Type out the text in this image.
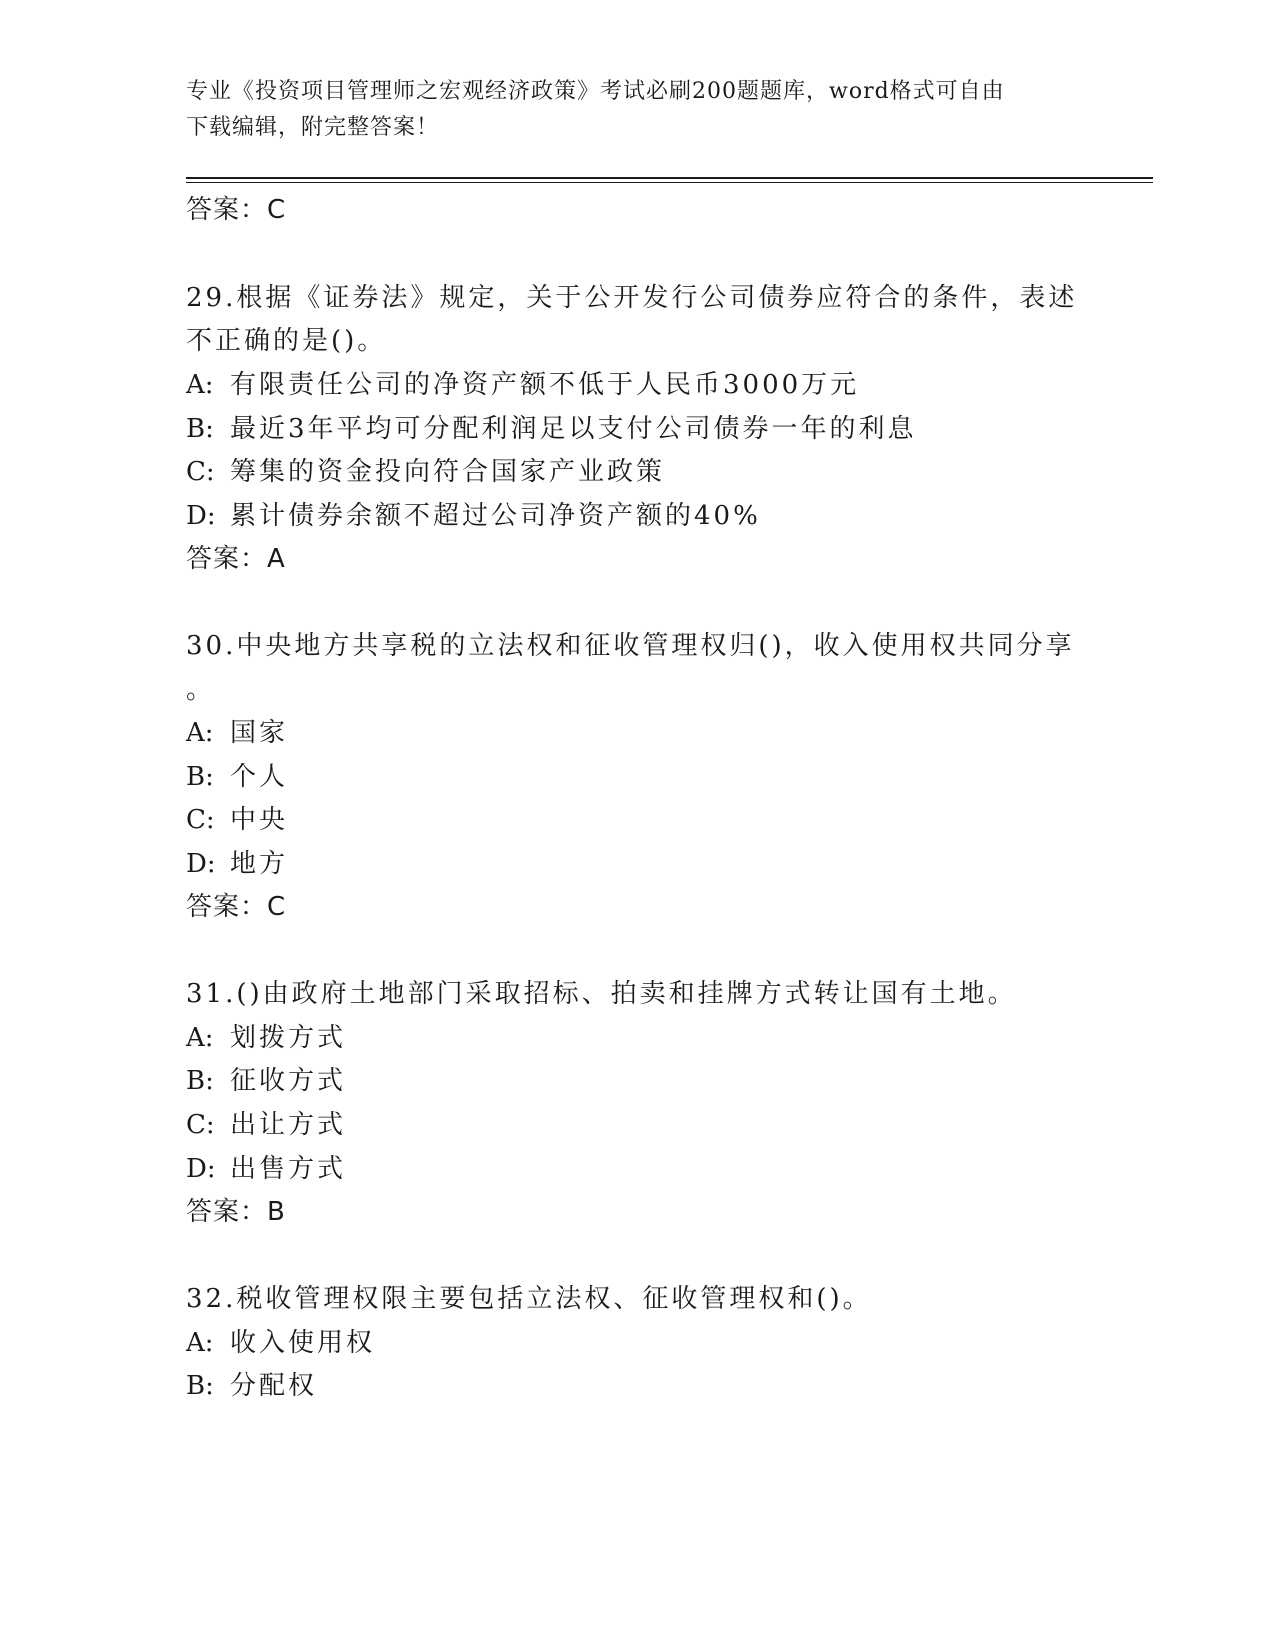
专业《投资项目管理师之宏观经济政策》考试必刷200题题库，word格式可自由
下载编辑，附完整答案！
答案：C
29.根据《证券法》规定，关于公开发行公司债券应符合的条件，表述
不正确的是()。
A: 有限责任公司的净资产额不低于人民币3000万元
B: 最近3年平均可分配利润足以支付公司债券一年的利息
C: 筹集的资金投向符合国家产业政策
D: 累计债券余额不超过公司净资产额的40%
答案：A
30.中央地方共享税的立法权和征收管理权归()，收入使用权共同分享
。
A: 国家
B: 个人
C: 中央
D: 地方
答案：C
31.()由政府土地部门采取招标、拍卖和挂牌方式转让国有土地。
A: 划拨方式
B: 征收方式
C: 出让方式
D: 出售方式
答案：B
32.税收管理权限主要包括立法权、征收管理权和()。
A: 收入使用权
B: 分配权
